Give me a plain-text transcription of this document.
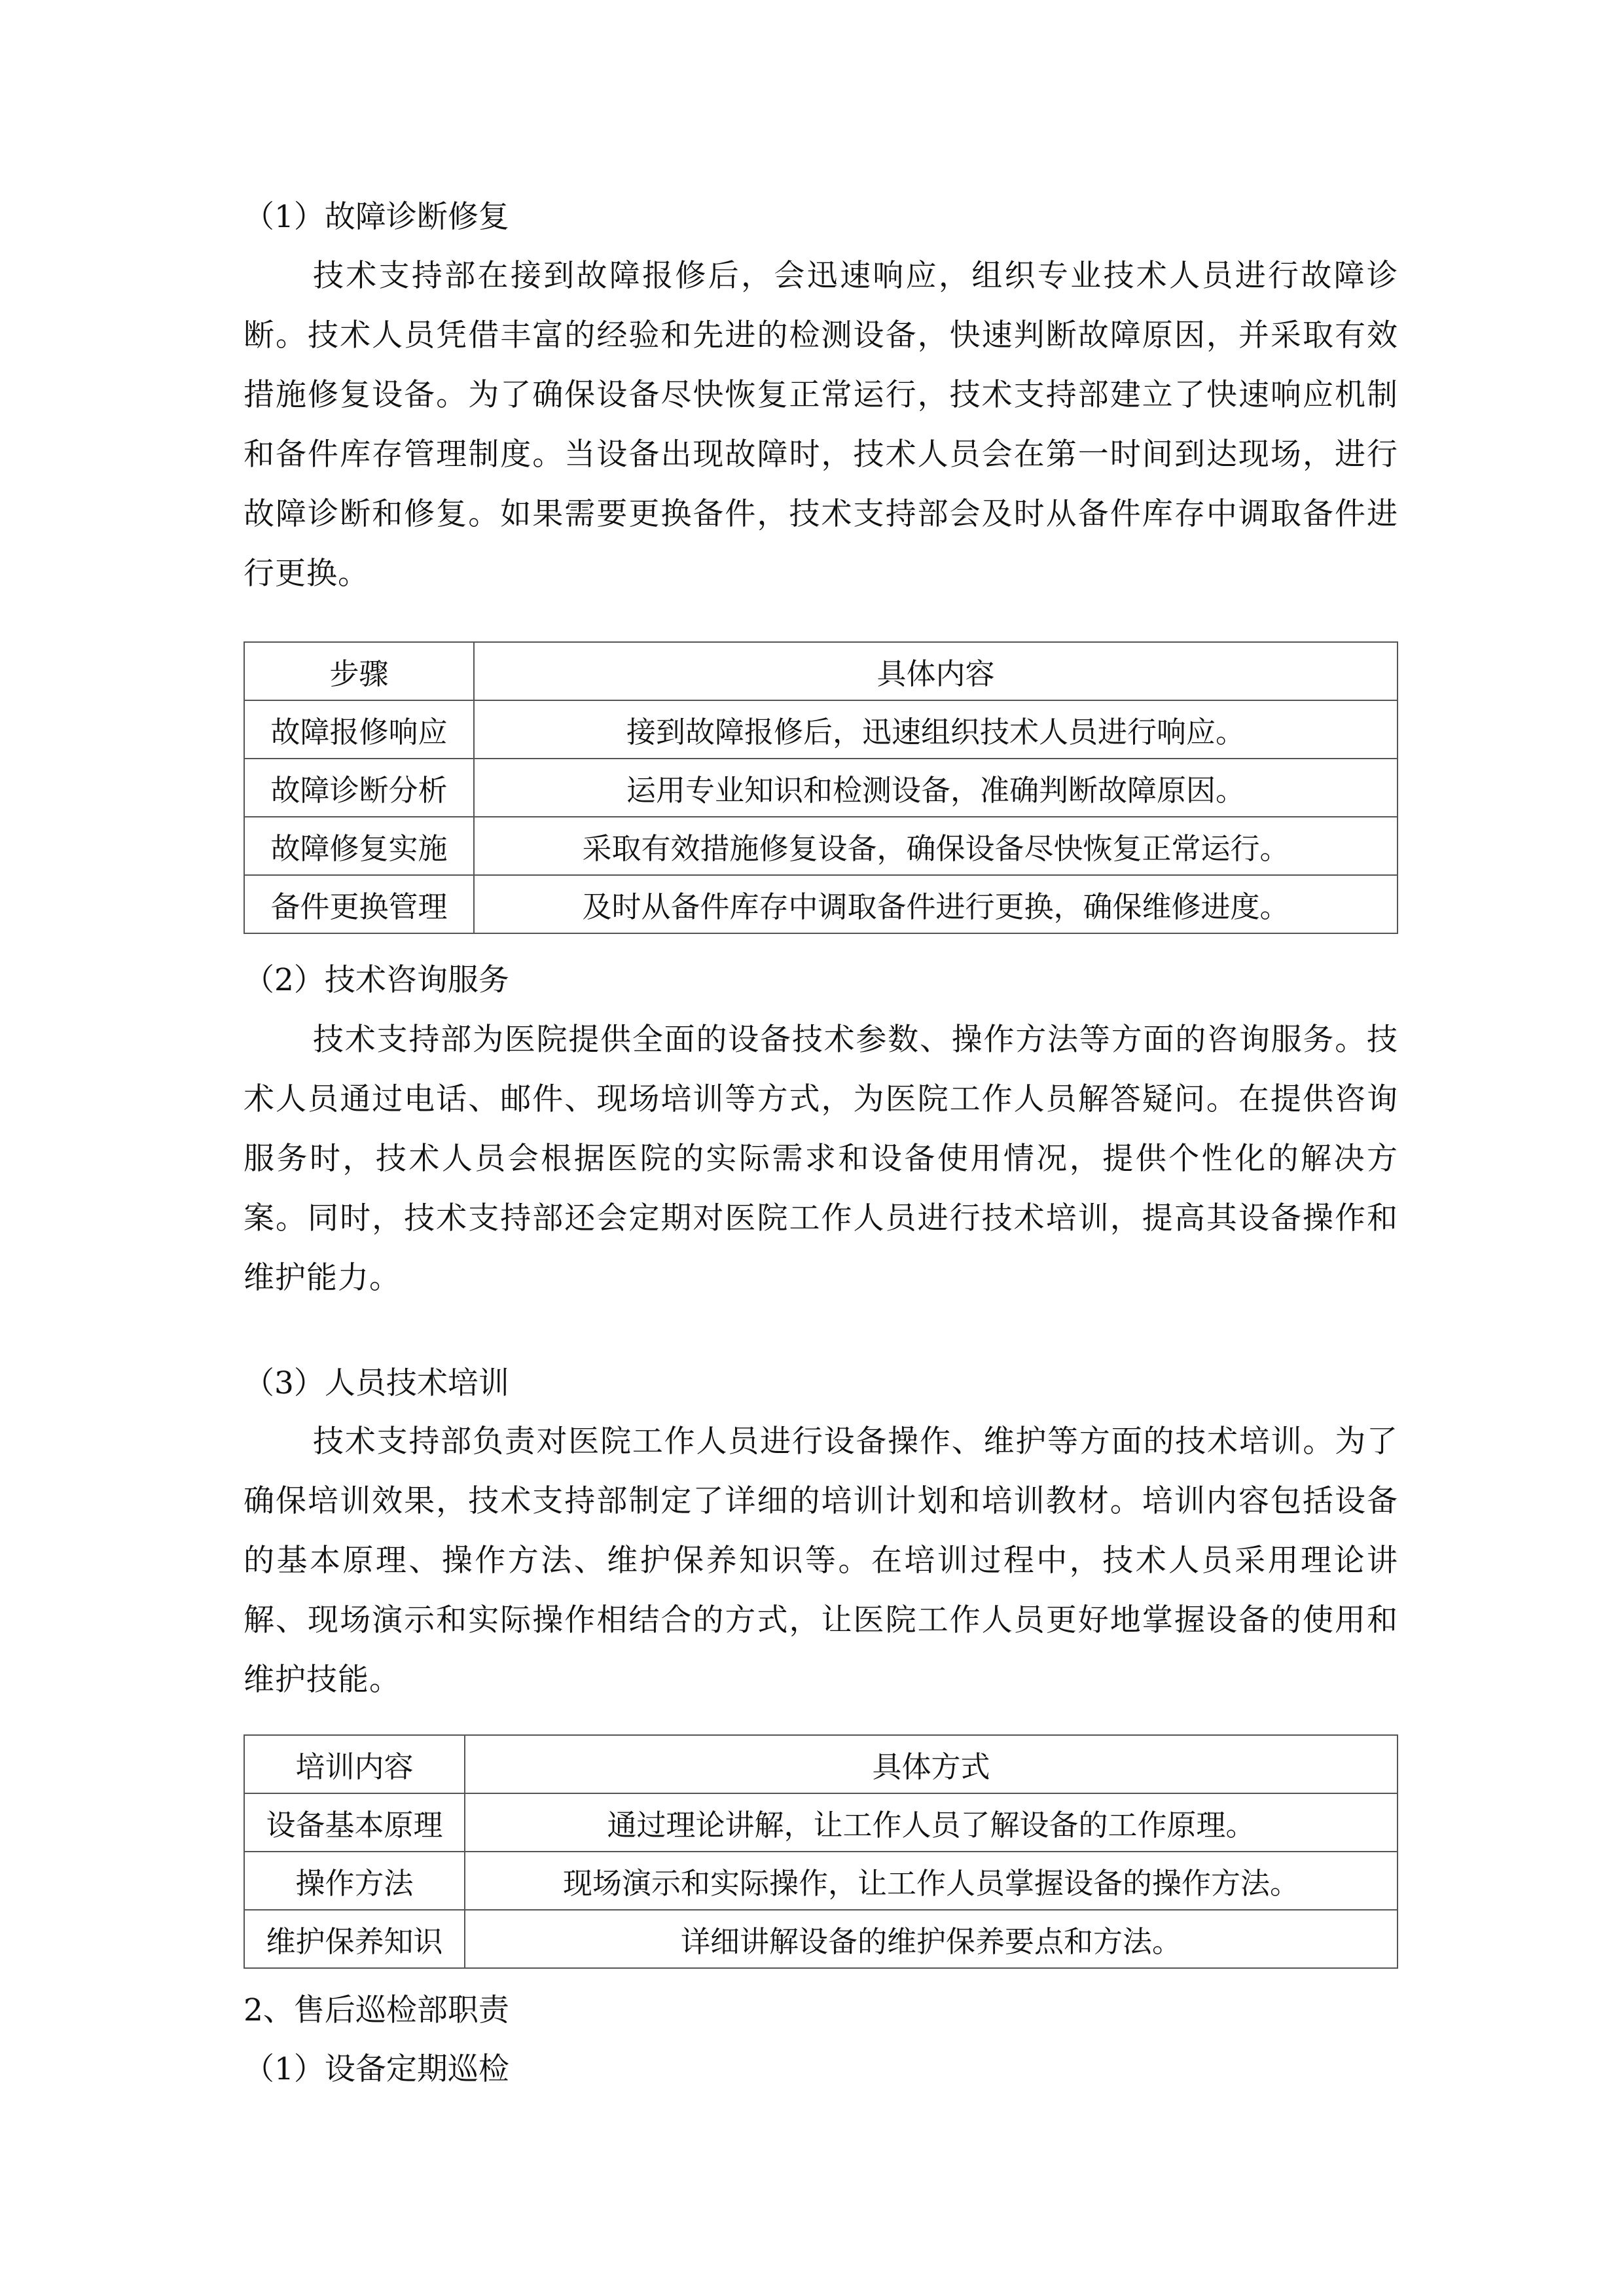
（1）故障诊断修复

技术支持部在接到故障报修后，会迅速响应，组织专业技术人员进行故障诊断。技术人员凭借丰富的经验和先进的检测设备，快速判断故障原因，并采取有效措施修复设备。为了确保设备尽快恢复正常运行，技术支持部建立了快速响应机制和备件库存管理制度。当设备出现故障时，技术人员会在第一时间到达现场，进行故障诊断和修复。如果需要更换备件，技术支持部会及时从备件库存中调取备件进行更换。

步骤	具体内容
故障报修响应	接到故障报修后，迅速组织技术人员进行响应。
故障诊断分析	运用专业知识和检测设备，准确判断故障原因。
故障修复实施	采取有效措施修复设备，确保设备尽快恢复正常运行。
备件更换管理	及时从备件库存中调取备件进行更换，确保维修进度。
（2）技术咨询服务

技术支持部为医院提供全面的设备技术参数、操作方法等方面的咨询服务。技术人员通过电话、邮件、现场培训等方式，为医院工作人员解答疑问。在提供咨询服务时，技术人员会根据医院的实际需求和设备使用情况，提供个性化的解决方案。同时，技术支持部还会定期对医院工作人员进行技术培训，提高其设备操作和维护能力。

（3）人员技术培训

技术支持部负责对医院工作人员进行设备操作、维护等方面的技术培训。为了确保培训效果，技术支持部制定了详细的培训计划和培训教材。培训内容包括设备的基本原理、操作方法、维护保养知识等。在培训过程中，技术人员采用理论讲解、现场演示和实际操作相结合的方式，让医院工作人员更好地掌握设备的使用和维护技能。

培训内容	具体方式
设备基本原理	通过理论讲解，让工作人员了解设备的工作原理。
操作方法	现场演示和实际操作，让工作人员掌握设备的操作方法。
维护保养知识	详细讲解设备的维护保养要点和方法。
2、售后巡检部职责
（1）设备定期巡检
